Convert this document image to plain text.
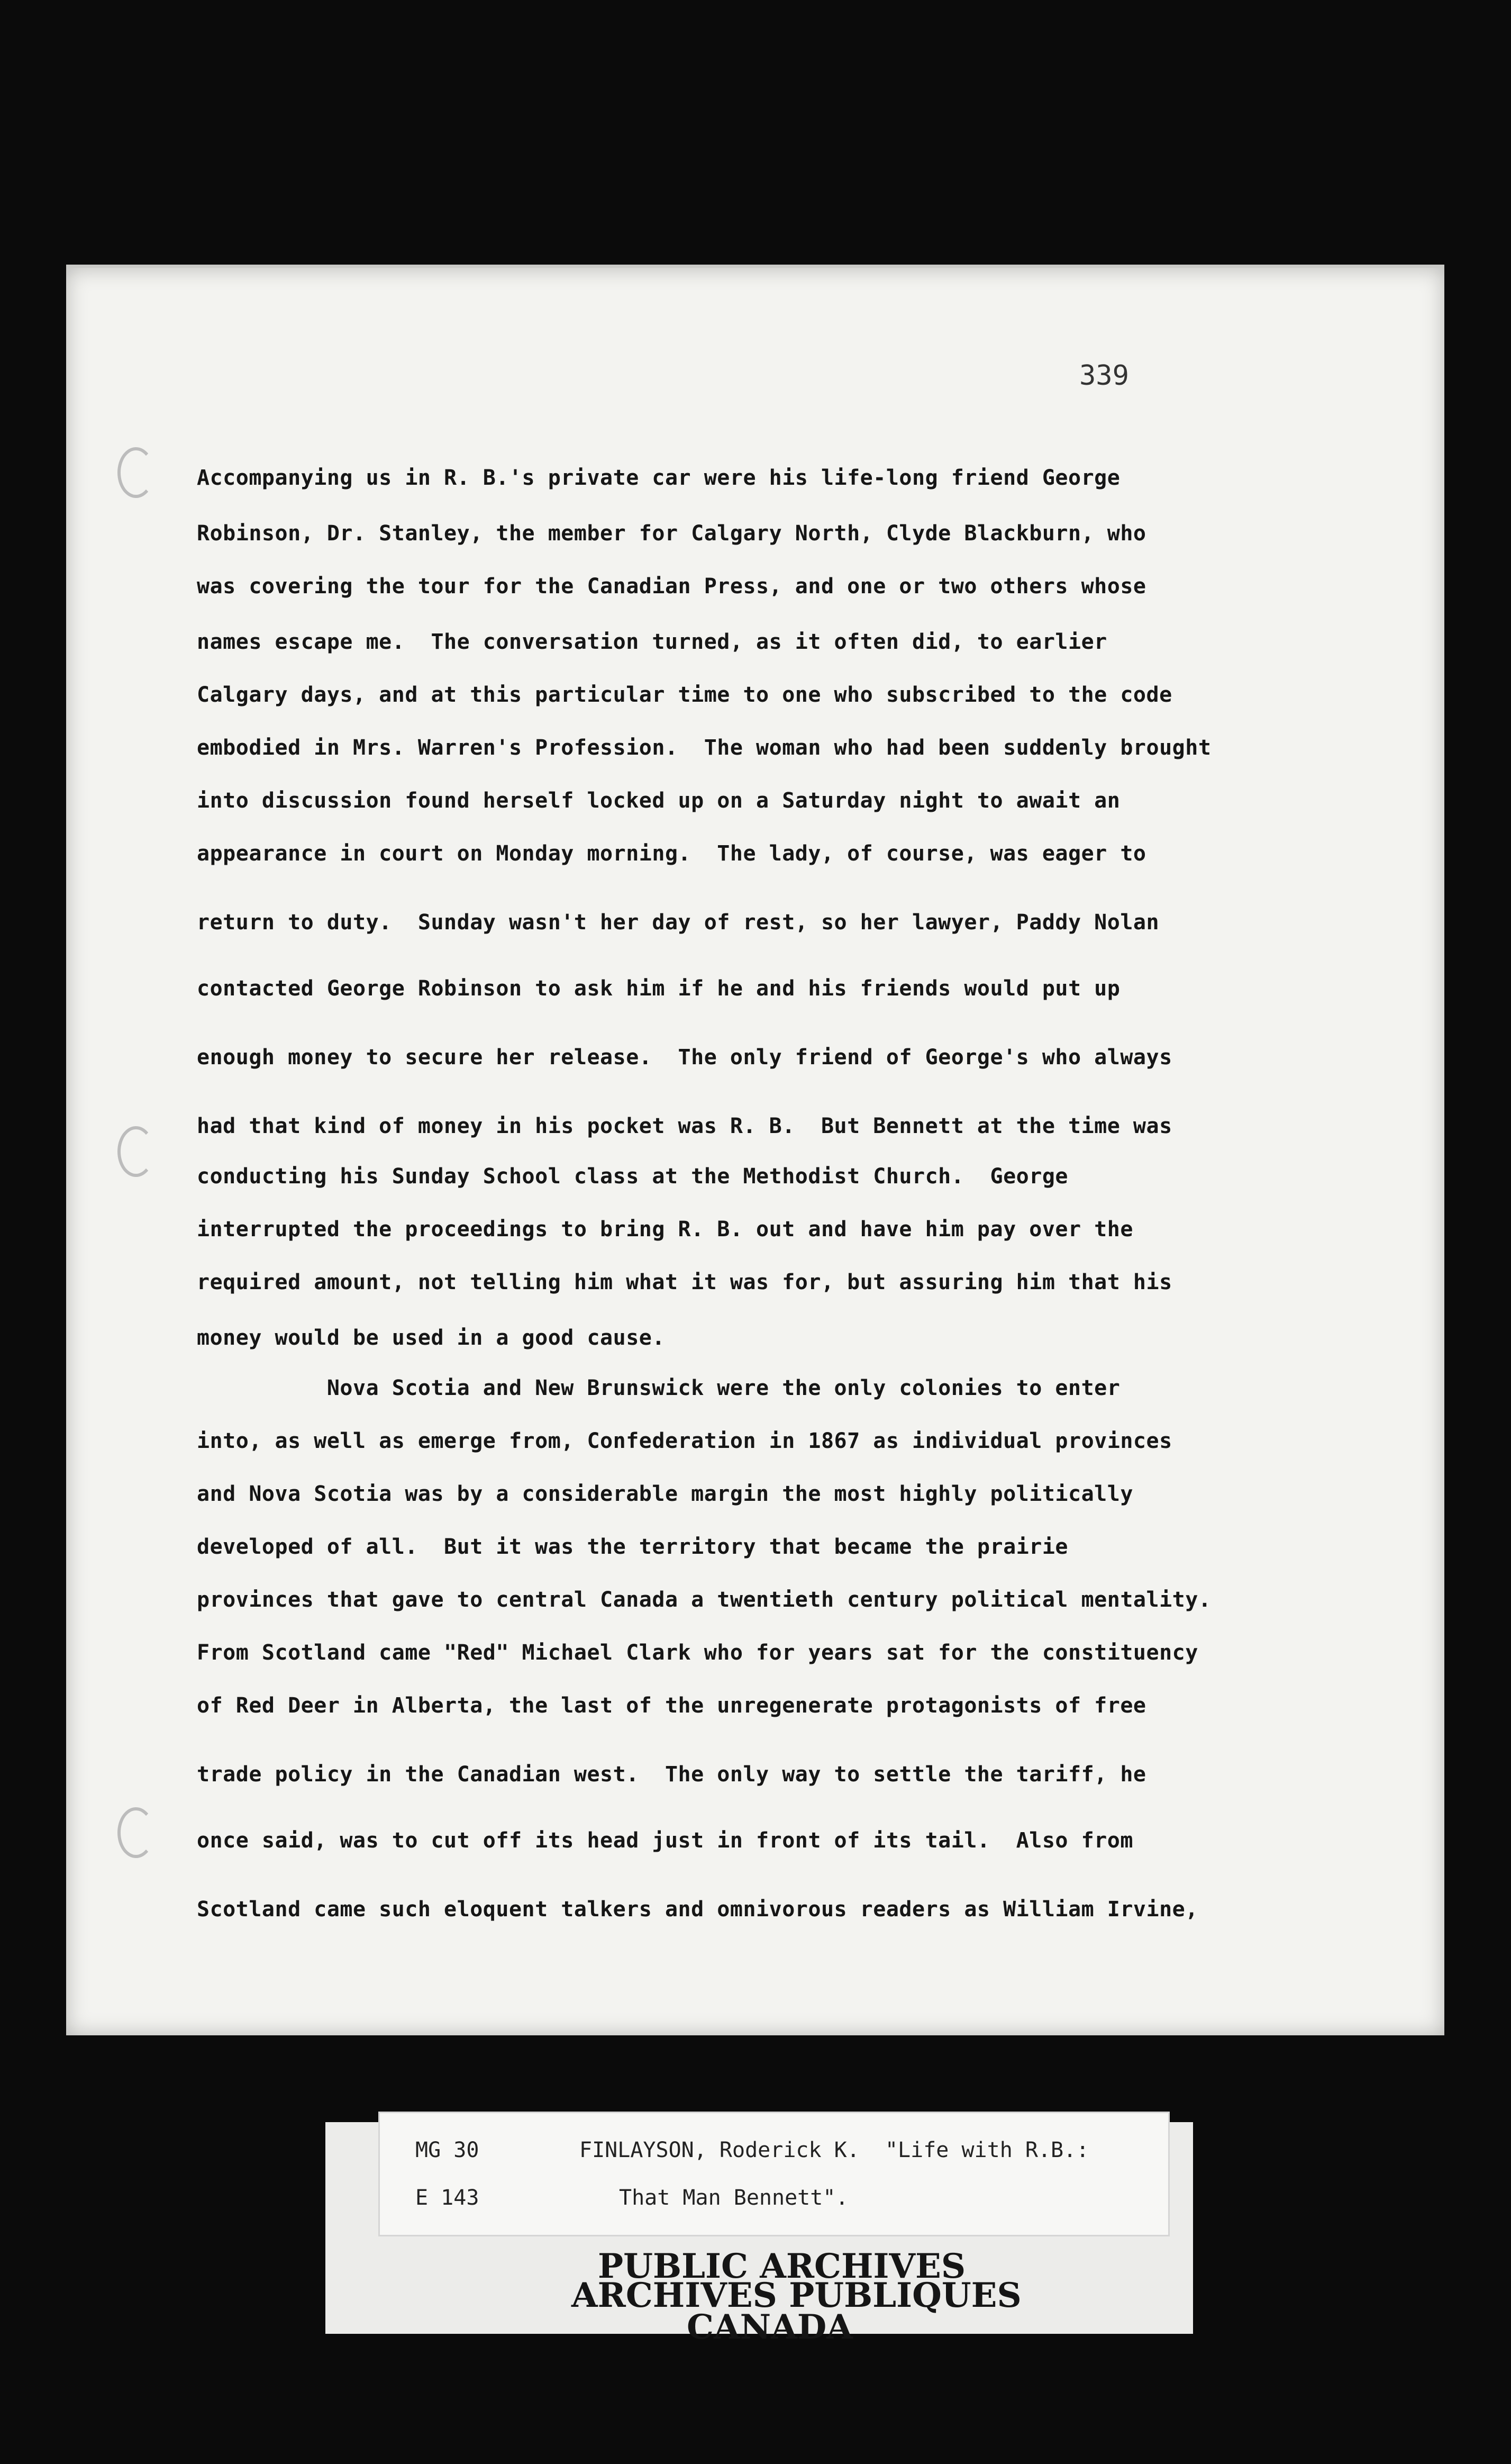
339
Accompanying us in R. B.'s private car were his life-long friend George
Robinson, Dr. Stanley, the member for Calgary North, Clyde Blackburn, who
was covering the tour for the Canadian Press, and one or two others whose
names escape me.  The conversation turned, as it often did, to earlier
Calgary days, and at this particular time to one who subscribed to the code
embodied in Mrs. Warren's Profession.  The woman who had been suddenly brought
into discussion found herself locked up on a Saturday night to await an
appearance in court on Monday morning.  The lady, of course, was eager to
return to duty.  Sunday wasn't her day of rest, so her lawyer, Paddy Nolan
contacted George Robinson to ask him if he and his friends would put up
enough money to secure her release.  The only friend of George's who always
had that kind of money in his pocket was R. B.  But Bennett at the time was
conducting his Sunday School class at the Methodist Church.  George
interrupted the proceedings to bring R. B. out and have him pay over the
required amount, not telling him what it was for, but assuring him that his
money would be used in a good cause.
Nova Scotia and New Brunswick were the only colonies to enter
into, as well as emerge from, Confederation in 1867 as individual provinces
and Nova Scotia was by a considerable margin the most highly politically
developed of all.  But it was the territory that became the prairie
provinces that gave to central Canada a twentieth century political mentality.
From Scotland came "Red" Michael Clark who for years sat for the constituency
of Red Deer in Alberta, the last of the unregenerate protagonists of free
trade policy in the Canadian west.  The only way to settle the tariff, he
once said, was to cut off its head just in front of its tail.  Also from
Scotland came such eloquent talkers and omnivorous readers as William Irvine,
MG 30
E 143
FINLAYSON, Roderick K.  "Life with R.B.:
That Man Bennett".
PUBLIC ARCHIVES
ARCHIVES PUBLIQUES
CANADA
